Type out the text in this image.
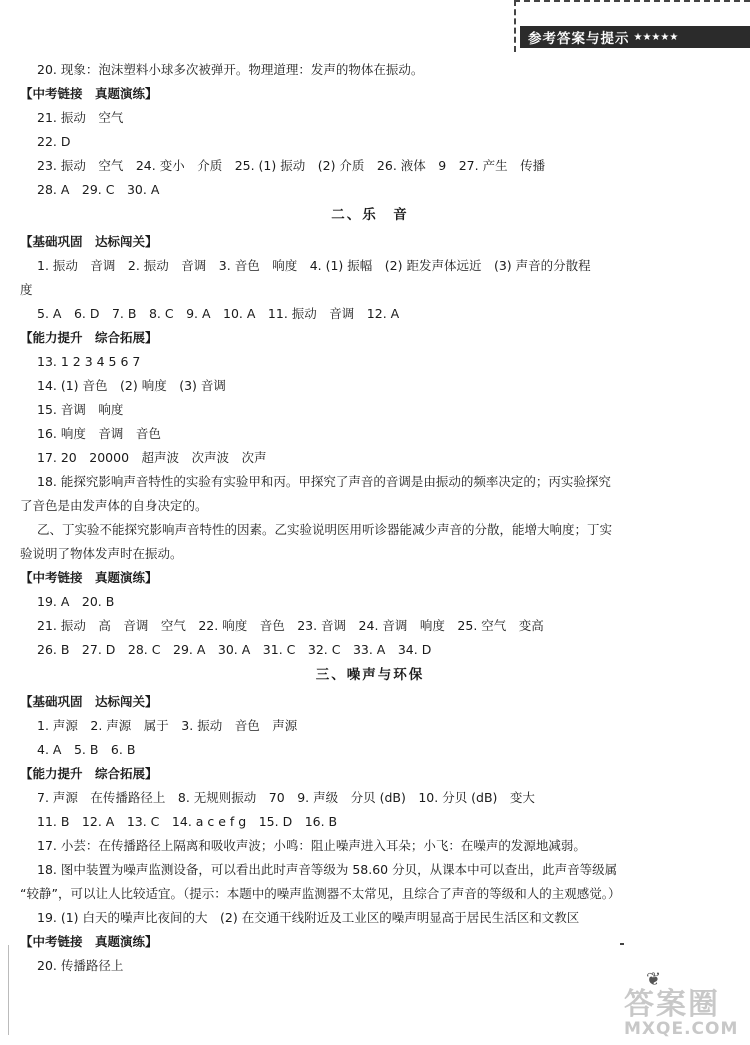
参考答案与提示 ★★★★★
20. 现象：泡沫塑料小球多次被弹开。物理道理：发声的物体在振动。
【中考链接　真题演练】
21. 振动　空气
22. D
23. 振动　空气　24. 变小　介质　25. (1) 振动　(2) 介质　26. 液体　9　27. 产生　传播
28. A　29. C　30. A
二、乐　音
【基础巩固　达标闯关】
1. 振动　音调　2. 振动　音调　3. 音色　响度　4. (1) 振幅　(2) 距发声体远近　(3) 声音的分散程
度
5. A　6. D　7. B　8. C　9. A　10. A　11. 振动　音调　12. A
【能力提升　综合拓展】
13. 1 2 3 4 5 6 7
14. (1) 音色　(2) 响度　(3) 音调
15. 音调　响度
16. 响度　音调　音色
17. 20　20000　超声波　次声波　次声
18. 能探究影响声音特性的实验有实验甲和丙。甲探究了声音的音调是由振动的频率决定的；丙实验探究
了音色是由发声体的自身决定的。
乙、丁实验不能探究影响声音特性的因素。乙实验说明医用听诊器能减少声音的分散，能增大响度；丁实
验说明了物体发声时在振动。
【中考链接　真题演练】
19. A　20. B
21. 振动　高　音调　空气　22. 响度　音色　23. 音调　24. 音调　响度　25. 空气　变高
26. B　27. D　28. C　29. A　30. A　31. C　32. C　33. A　34. D
三、噪声与环保
【基础巩固　达标闯关】
1. 声源　2. 声源　属于　3. 振动　音色　声源
4. A　5. B　6. B
【能力提升　综合拓展】
7. 声源　在传播路径上　8. 无规则振动　70　9. 声级　分贝 (dB)　10. 分贝 (dB)　变大
11. B　12. A　13. C　14. a c e f g　15. D　16. B
17. 小芸：在传播路径上隔离和吸收声波；小鸣：阻止噪声进入耳朵；小飞：在噪声的发源地减弱。
18. 图中装置为噪声监测设备，可以看出此时声音等级为 58.60 分贝，从课本中可以查出，此声音等级属
“较静”，可以让人比较适宜。（提示：本题中的噪声监测器不太常见，且综合了声音的等级和人的主观感觉。）
19. (1) 白天的噪声比夜间的大　(2) 在交通干线附近及工业区的噪声明显高于居民生活区和文教区
【中考链接　真题演练】
20. 传播路径上
❦
答案圈
MXQE.COM
